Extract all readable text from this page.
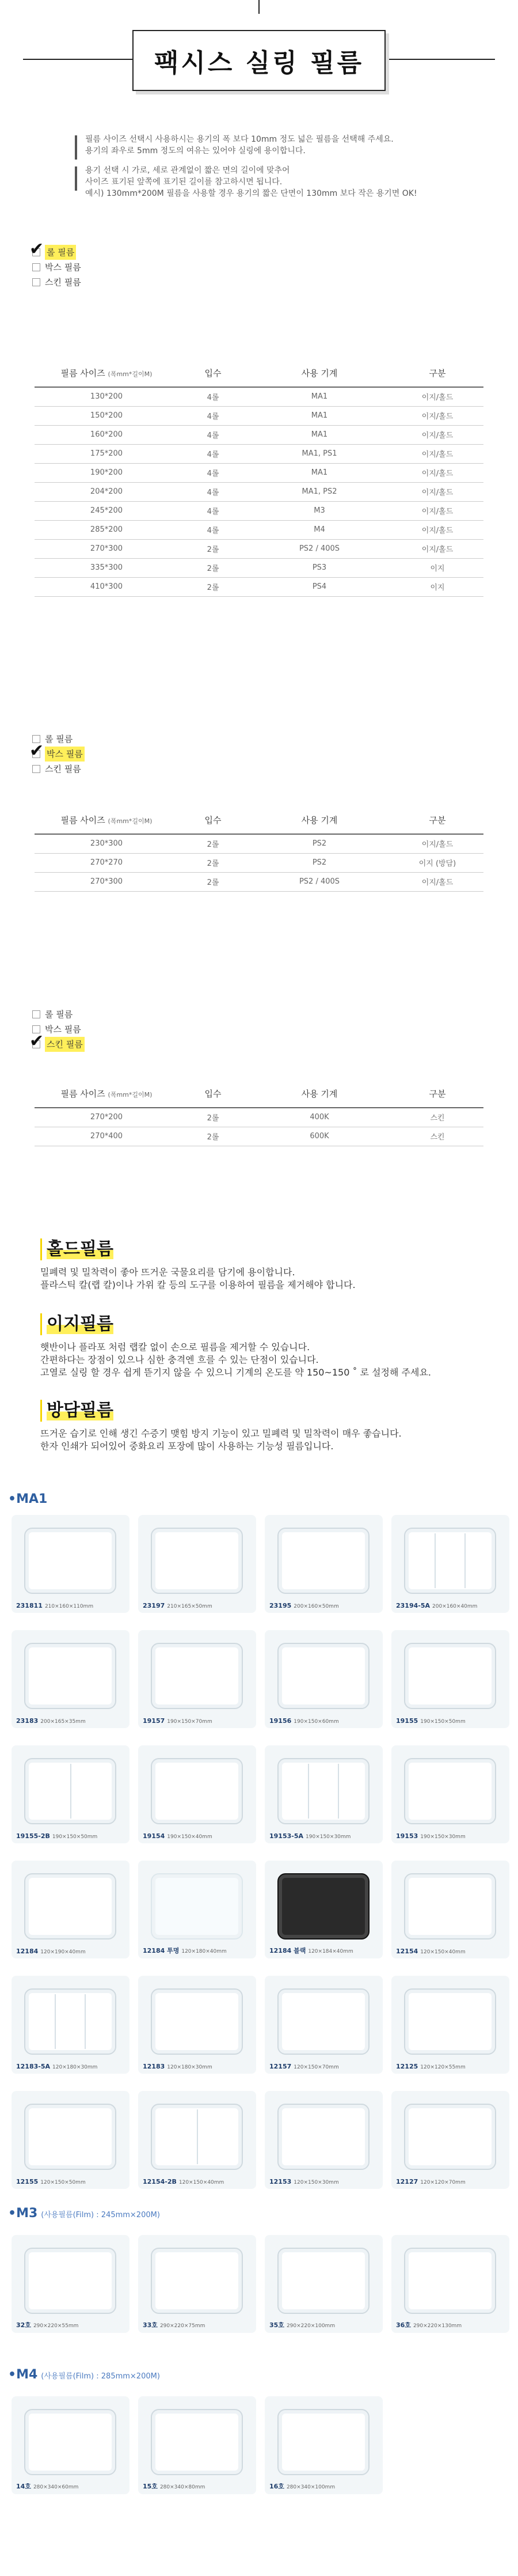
팩시스 실링 필름
필름 사이즈 선택시 사용하시는 용기의 폭 보다 10mm 정도 넓은 필름을 선택해 주세요.
용기의 좌우로 5mm 정도의 여유는 있어야 실링에 용이합니다.
용기 선택 시 가로, 세로 관계없이 짧은 면의 길이에 맞추어
사이즈 표기된 앞쪽에 표기된 길이를 참고하시면 됩니다.
예시) 130mm*200M 필름을 사용할 경우 용기의 짧은 단면이 130mm 보다 작은 용기면 OK!
✔ 롤 필름
박스 필름
스킨 필름
필름 사이즈 (폭mm*길이M)	입수	사용 기계	구분
130*200	4롤	MA1	이지/홀드
150*200	4롤	MA1	이지/홀드
160*200	4롤	MA1	이지/홀드
175*200	4롤	MA1, PS1	이지/홀드
190*200	4롤	MA1	이지/홀드
204*200	4롤	MA1, PS2	이지/홀드
245*200	4롤	M3	이지/홀드
285*200	4롤	M4	이지/홀드
270*300	2롤	PS2 / 400S	이지/홀드
335*300	2롤	PS3	이지
410*300	2롤	PS4	이지
롤 필름
✔ 박스 필름
스킨 필름
필름 사이즈 (폭mm*길이M)	입수	사용 기계	구분
230*300	2롤	PS2	이지/홀드
270*270	2롤	PS2	이지 (방담)
270*300	2롤	PS2 / 400S	이지/홀드
롤 필름
박스 필름
✔ 스킨 필름
필름 사이즈 (폭mm*길이M)	입수	사용 기계	구분
270*200	2롤	400K	스킨
270*400	2롤	600K	스킨
홀드필름
밀폐력 및 밀착력이 좋아 뜨거운 국물요리를 담기에 용이합니다.
플라스틱 칼(랩 칼)이나 가위 칼 등의 도구를 이용하여 필름을 제거해야 합니다.
이지필름
햇반이나 플라포 처럼 랩칼 없이 손으로 필름을 제거할 수 있습니다.
간편하다는 장점이 있으나 심한 충격엔 흐를 수 있는 단점이 있습니다.
고열로 실링 할 경우 쉽게 뜯기지 않을 수 있으니 기계의 온도를 약 150~150 ˚ 로 설정해 주세요.
방담필름
뜨거운 습기로 인해 생긴 수증기 맺힘 방지 기능이 있고 밀폐력 및 밀착력이 매우 좋습니다.
한자 인쇄가 되어있어 중화요리 포장에 많이 사용하는 기능성 필름입니다.
•MA1
231811 210×160×110mm	23197 210×165×50mm	23195 200×160×50mm	23194-5A 200×160×40mm
23183 200×165×35mm	19157 190×150×70mm	19156 190×150×60mm	19155 190×150×50mm
19155-2B 190×150×50mm	19154 190×150×40mm	19153-5A 190×150×30mm	19153 190×150×30mm
12184 120×190×40mm	12184 투명 120×180×40mm	12184 블랙 120×184×40mm	12154 120×150×40mm
12183-5A 120×180×30mm	12183 120×180×30mm	12157 120×150×70mm	12125 120×120×55mm
12155 120×150×50mm	12154-2B 120×150×40mm	12153 120×150×30mm	12127 120×120×70mm
•M3 (사용필름(Film) : 245mm×200M)
32호 290×220×55mm	33호 290×220×75mm	35호 290×220×100mm	36호 290×220×130mm
•M4 (사용필름(Film) : 285mm×200M)
14호 280×340×60mm	15호 280×340×80mm	16호 280×340×100mm
